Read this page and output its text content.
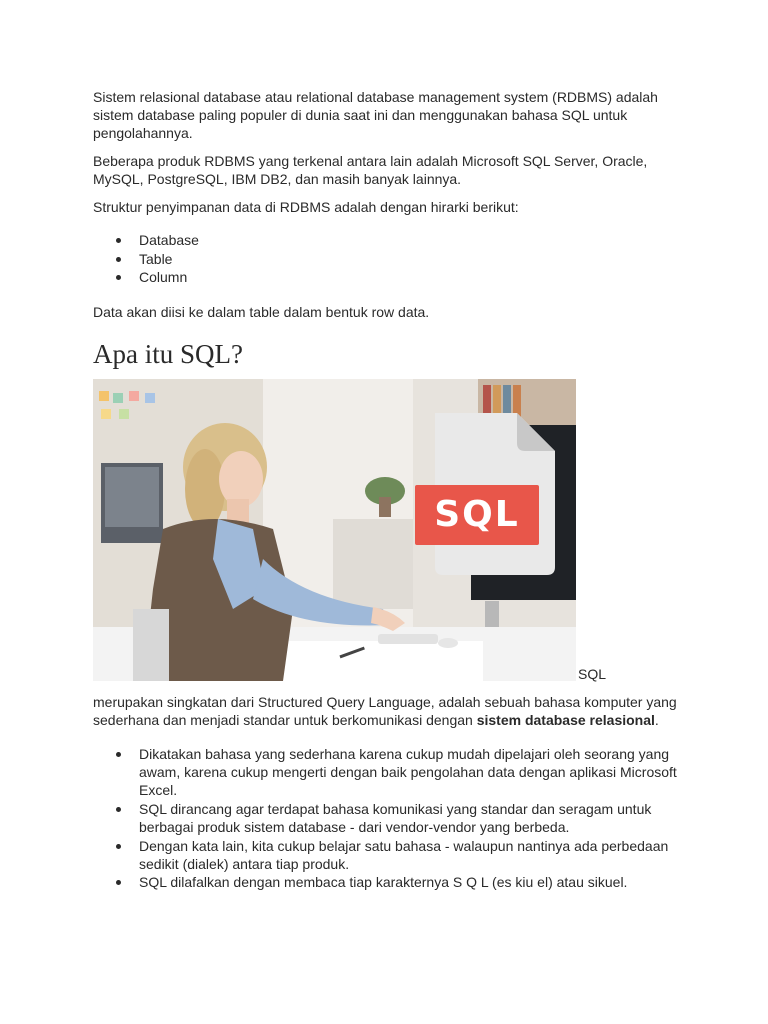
Sistem relasional database atau relational database management system (RDBMS) adalah sistem database paling populer di dunia saat ini dan menggunakan bahasa SQL untuk pengolahannya.

Beberapa produk RDBMS yang terkenal antara lain adalah Microsoft SQL Server, Oracle, MySQL, PostgreSQL, IBM DB2, dan masih banyak lainnya.

Struktur penyimpanan data di RDBMS adalah dengan hirarki berikut:

Database
Table
Column

Data akan diisi ke dalam table dalam bentuk row data.

Apa itu SQL?
SQL
SQL

merupakan singkatan dari Structured Query Language, adalah sebuah bahasa komputer yang sederhana dan menjadi standar untuk berkomunikasi dengan sistem database relasional.

Dikatakan bahasa yang sederhana karena cukup mudah dipelajari oleh seorang yang awam, karena cukup mengerti dengan baik pengolahan data dengan aplikasi Microsoft Excel.
SQL dirancang agar terdapat bahasa komunikasi yang standar dan seragam untuk berbagai produk sistem database - dari vendor-vendor yang berbeda.
Dengan kata lain, kita cukup belajar satu bahasa - walaupun nantinya ada perbedaan sedikit (dialek) antara tiap produk.
SQL dilafalkan dengan membaca tiap karakternya S Q L (es kiu el) atau sikuel.
